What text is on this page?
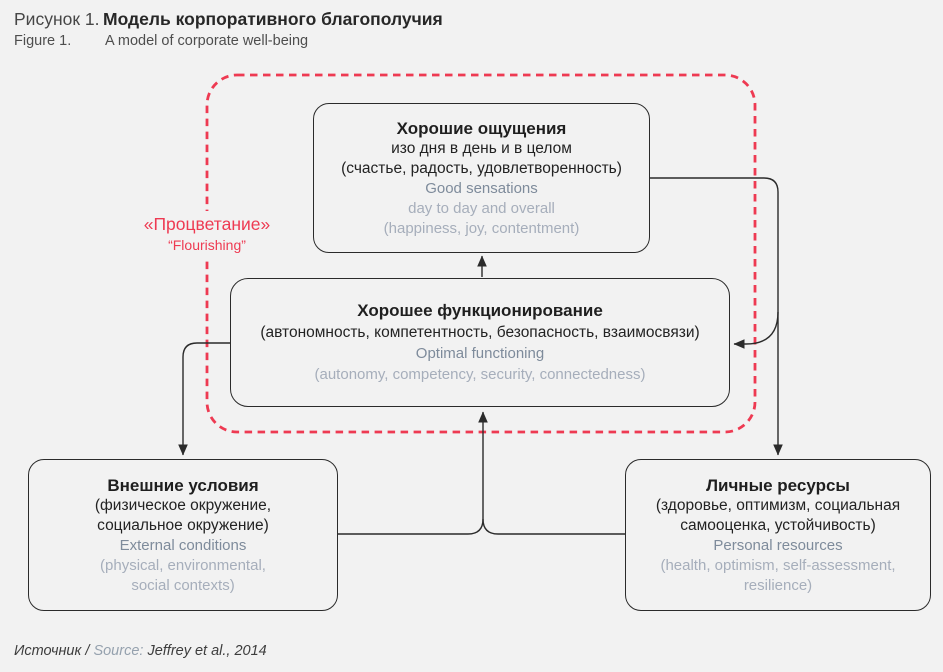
Рисунок 1. Модель корпоративного благополучия
Figure 1. A model of corporate well-being
Хорошие ощущения
изо дня в день и в целом
(счастье, радость, удовлетворенность)
Good sensations
day to day and overall
(happiness, joy, contentment)
Хорошее функционирование
(автономность, компетентность, безопасность, взаимосвязи)
Optimal functioning
(autonomy, competency, security, connectedness)
Внешние условия
(физическое окружение,
социальное окружение)
External conditions
(physical, environmental,
social contexts)
Личные ресурсы
(здоровье, оптимизм, социальная
самооценка, устойчивость)
Personal resources
(health, optimism, self-assessment,
resilience)
«Процветание»
“Flourishing”
Источник / Source: Jeffrey et al., 2014
